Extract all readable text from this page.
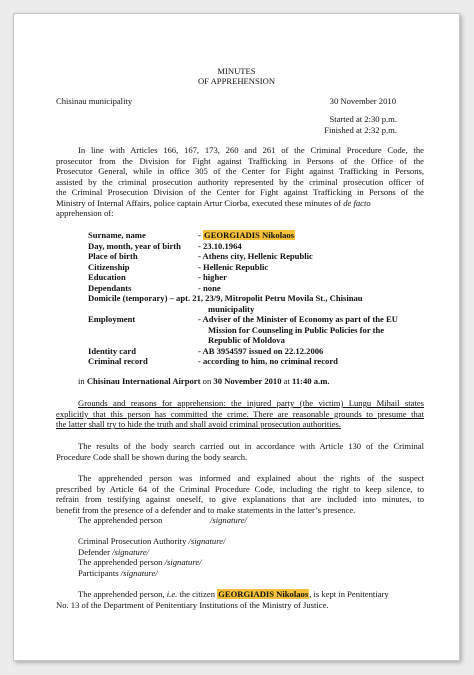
MINUTES
OF APPREHENSION
Chisinau municipality	30 November 2010
Started at 2:30 p.m.
Finished at 2:32 p.m.
In line with Articles 166, 167, 173, 260 and 261 of the Criminal Procedure Code, the
prosecutor from the Division for Fight against Trafficking in Persons of the Office of the
Prosecutor General, while in office 305 of the Center for Fight against Trafficking in Persons,
assisted by the criminal prosecution authority represented by the criminal prosecution officer of
the Criminal Prosecution Division of the Center for Fight against Trafficking in Persons of the
Ministry of Internal Affairs, police captain Artur Ciorba, executed these minutes of de facto
apprehension of:
Surname, name	- GEORGIADIS Nikolaos
Day, month, year of birth - 23.10.1964
Place of birth	- Athens city, Hellenic Republic
Citizenship	- Hellenic Republic
Education	- higher
Dependants	- none
Domicile (temporary) – apt. 21, 23/9, Mitropolit Petru Movila St., Chisinau
municipality
Employment	- Adviser of the Minister of Economy as part of the EU
Mission for Counseling in Public Policies for the
Republic of Moldova
Identity card	- AB 3954597 issued on 22.12.2006
Criminal record	- according to him, no criminal record
in Chisinau International Airport on 30 November 2010 at 11:40 a.m.
Grounds and reasons for apprehension: the injured party (the victim) Lungu Mihail states
explicitly that this person has committed the crime. There are reasonable grounds to presume that
the latter shall try to hide the truth and shall avoid criminal prosecution authorities.
The results of the body search carried out in accordance with Article 130 of the Criminal
Procedure Code shall be shown during the body search.
The apprehended person was informed and explained about the rights of the suspect
prescribed by Article 64 of the Criminal Procedure Code, including the right to keep silence, to
refrain from testifying against oneself, to give explanations that are included into minutes, to
benefit from the presence of a defender and to make statements in the latter’s presence.
The apprehended person	/signature/
Criminal Prosecution Authority /signature/
Defender /signature/
The apprehended person /signature/
Participants /signature/
The apprehended person, i.e. the citizen GEORGIADIS Nikolaos, is kept in Penitentiary
No. 13 of the Department of Penitentiary Institutions of the Ministry of Justice.
